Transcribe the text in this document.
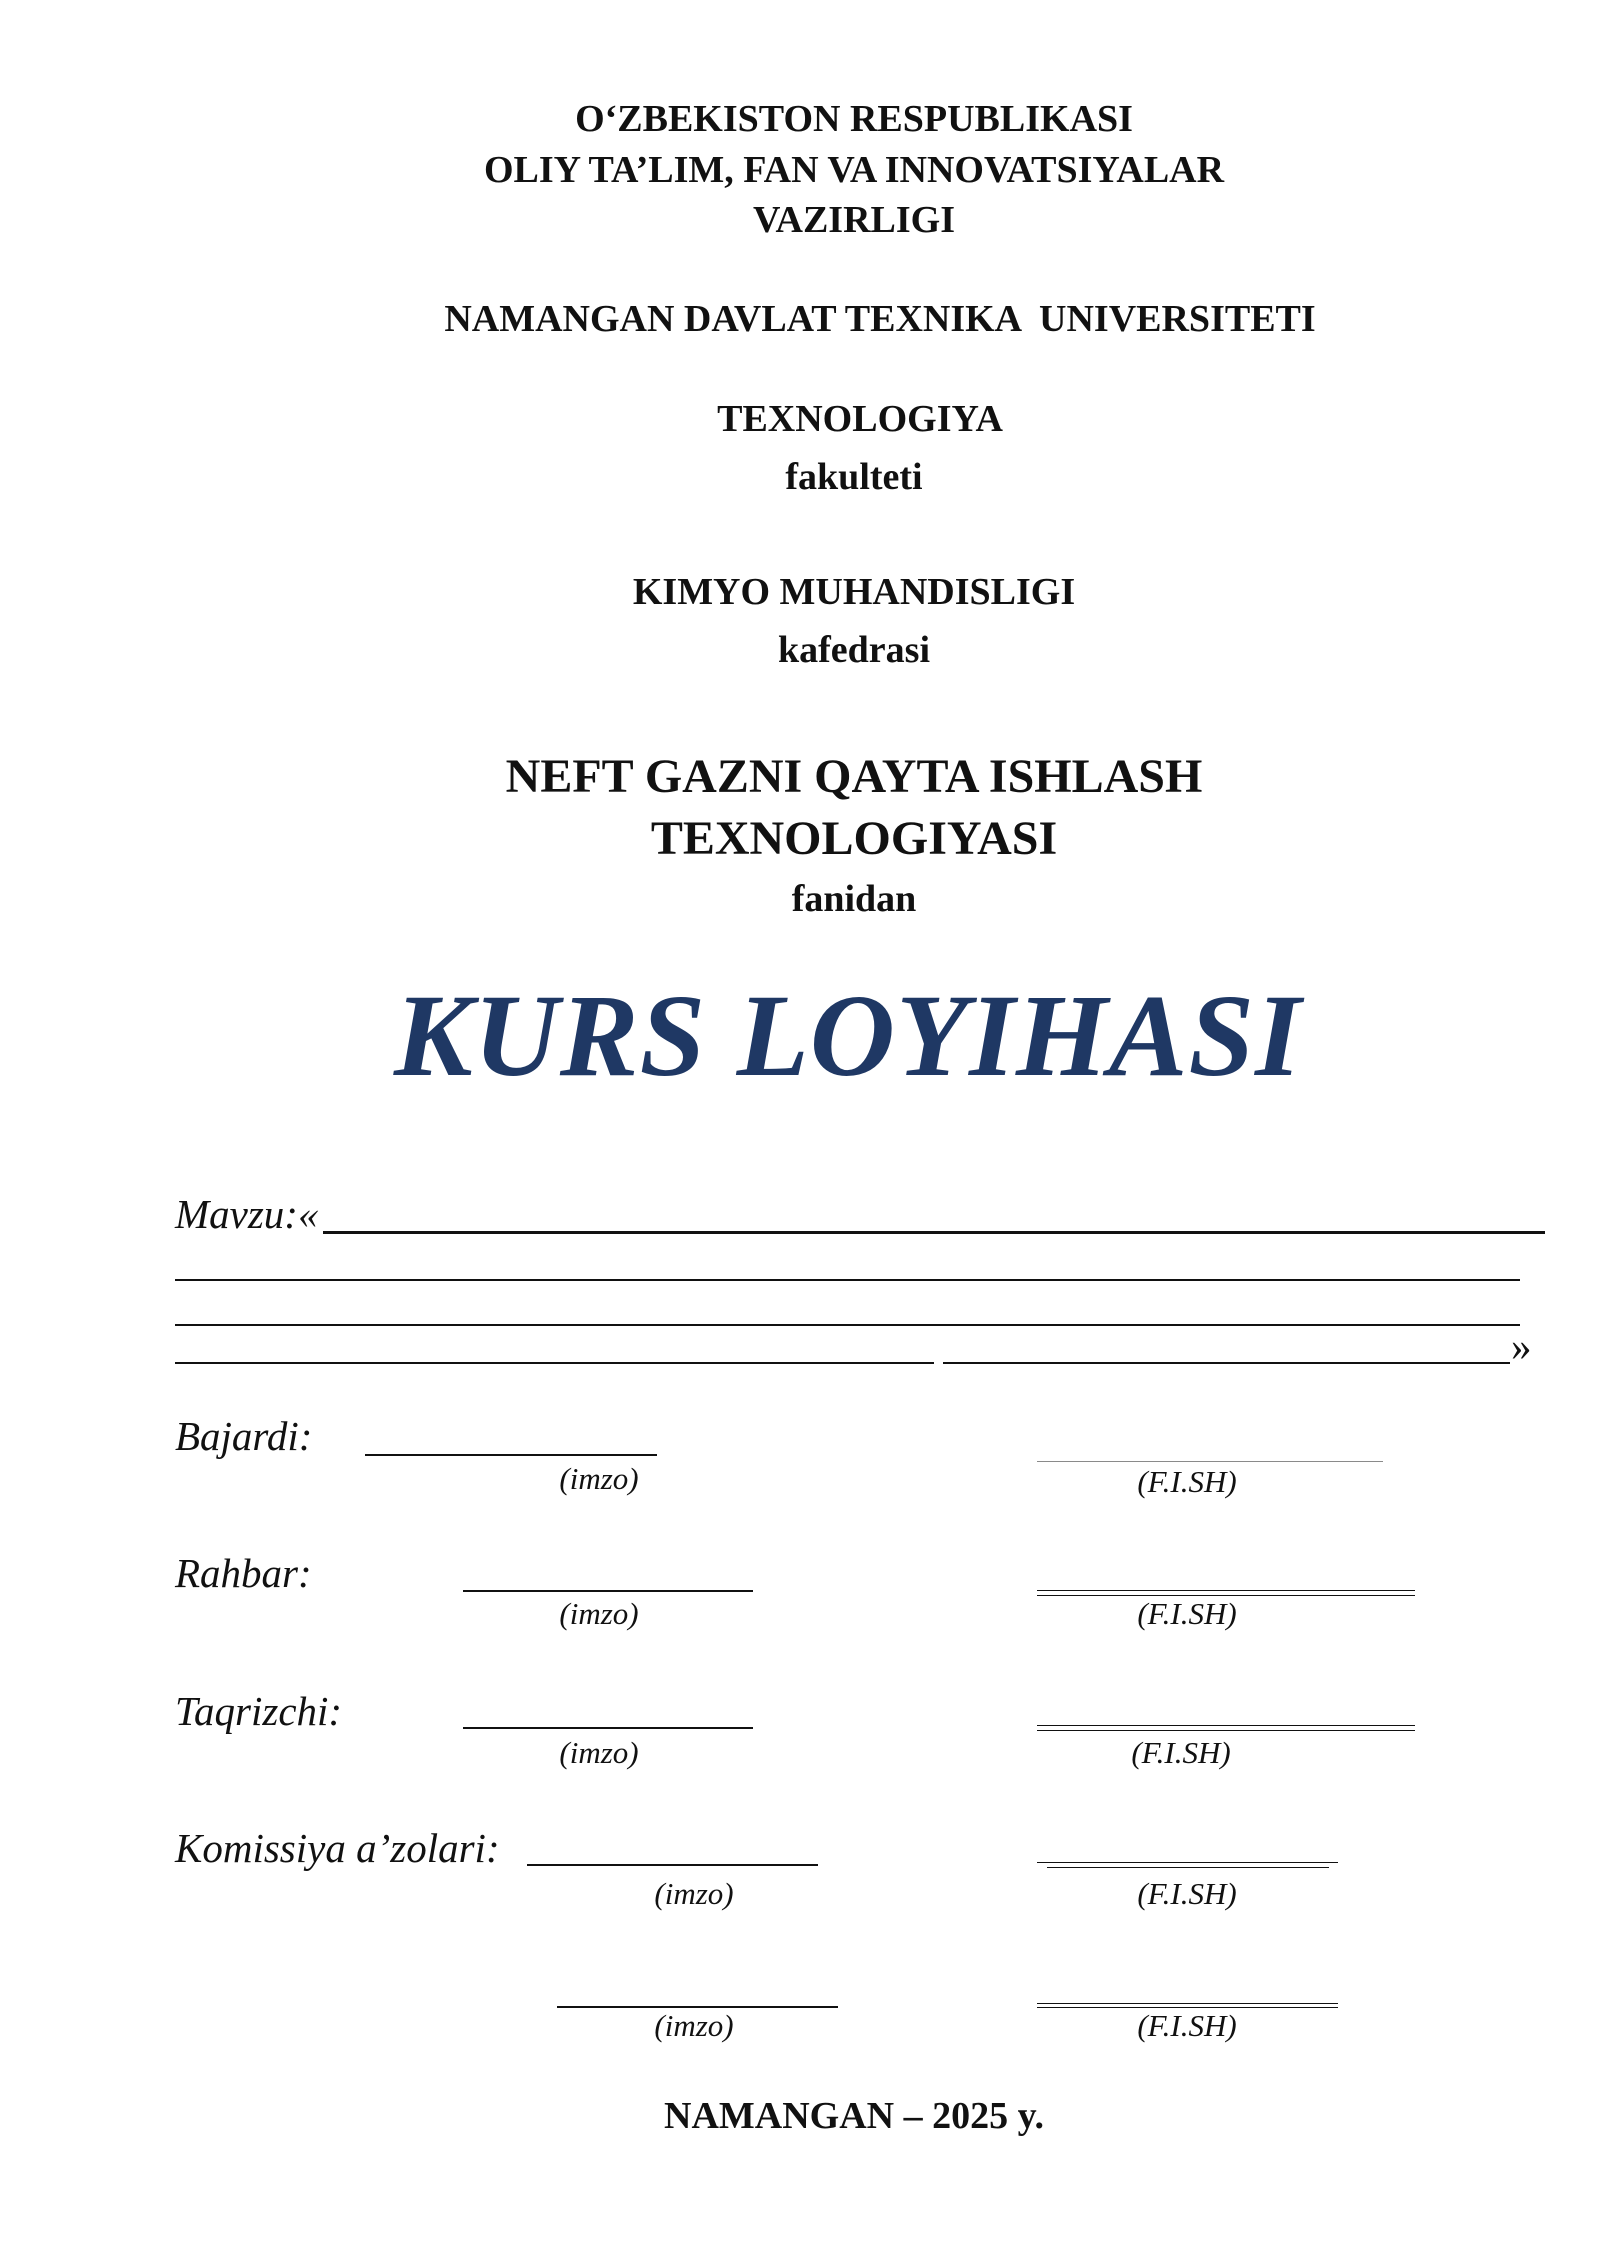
O‘ZBEKISTON RESPUBLIKASI
OLIY TA’LIM, FAN VA INNOVATSIYALAR
VAZIRLIGI
NAMANGAN DAVLAT TEXNIKA  UNIVERSITETI
TEXNOLOGIYA
fakulteti
KIMYO MUHANDISLIGI
kafedrasi
NEFT GAZNI QAYTA ISHLASH
TEXNOLOGIYASI
fanidan
KURS LOYIHASI
Mavzu:«
»
Bajardi:
(imzo)	(F.I.SH)
Rahbar:
(imzo)	(F.I.SH)
Taqrizchi:
(imzo)	(F.I.SH)
Komissiya a’zolari:
(imzo)	(F.I.SH)
(imzo)	(F.I.SH)
NAMANGAN – 2025 y.
